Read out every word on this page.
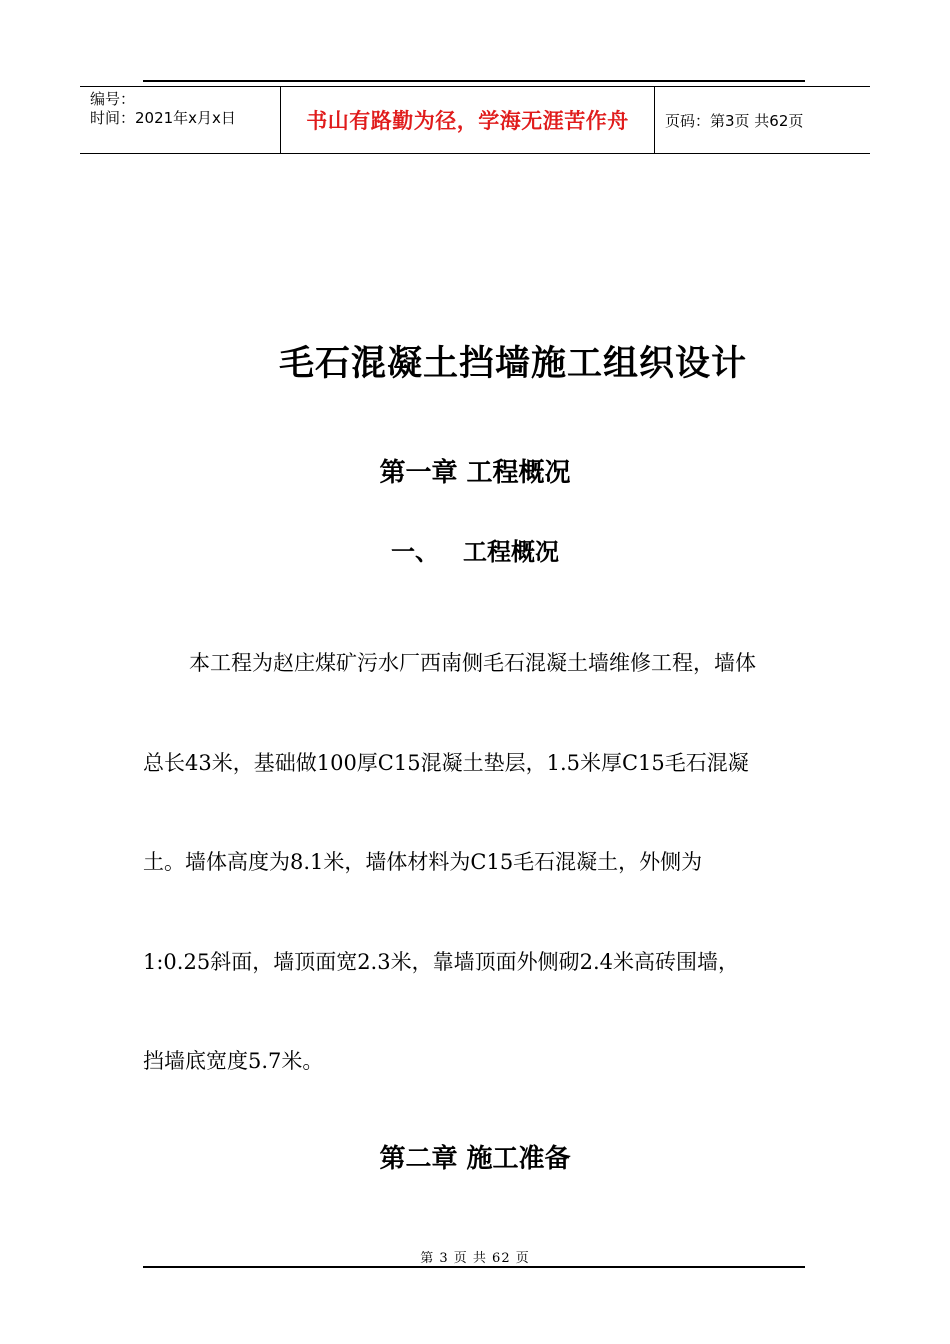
编号：
时间：2021年x月x日	书山有路勤为径，学海无涯苦作舟 页码：第3页 共62页
毛石混凝土挡墙施工组织设计
第一章 工程概况
一、 工程概况
本工程为赵庄煤矿污水厂西南侧毛石混凝土墙维修工程，墙体
总长43米，基础做100厚C15混凝土垫层，1.5米厚C15毛石混凝
土。墙体高度为8.1米，墙体材料为C15毛石混凝土，外侧为
1:0.25斜面，墙顶面宽2.3米，靠墙顶面外侧砌2.4米高砖围墙，
挡墙底宽度5.7米。
第二章 施工准备
第 3 页 共 62 页
